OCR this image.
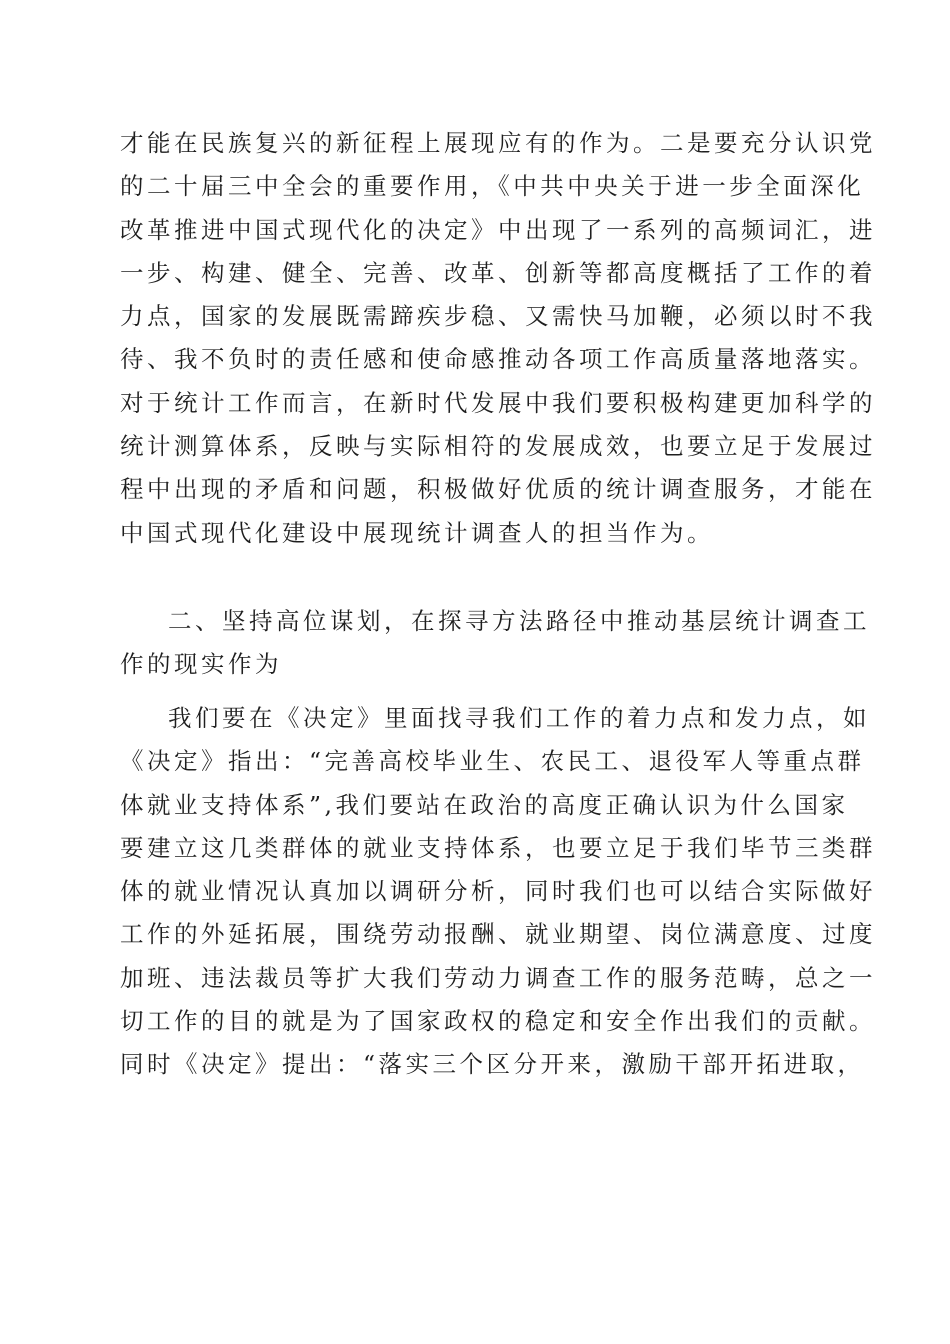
才能在民族复兴的新征程上展现应有的作为。二是要充分认识党
的二十届三中全会的重要作用，《中共中央关于进一步全面深化
改革推进中国式现代化的决定》中出现了一系列的高频词汇，进
一步、构建、健全、完善、改革、创新等都高度概括了工作的着
力点，国家的发展既需蹄疾步稳、又需快马加鞭，必须以时不我
待、我不负时的责任感和使命感推动各项工作高质量落地落实。
对于统计工作而言，在新时代发展中我们要积极构建更加科学的
统计测算体系，反映与实际相符的发展成效，也要立足于发展过
程中出现的矛盾和问题，积极做好优质的统计调查服务，才能在
中国式现代化建设中展现统计调查人的担当作为。
二、坚持高位谋划，在探寻方法路径中推动基层统计调查工
作的现实作为
我们要在《决定》里面找寻我们工作的着力点和发力点，如
《决定》指出：“完善高校毕业生、农民工、退役军人等重点群
体就业支持体系”,我们要站在政治的高度正确认识为什么国家
要建立这几类群体的就业支持体系，也要立足于我们毕节三类群
体的就业情况认真加以调研分析，同时我们也可以结合实际做好
工作的外延拓展，围绕劳动报酬、就业期望、岗位满意度、过度
加班、违法裁员等扩大我们劳动力调查工作的服务范畴，总之一
切工作的目的就是为了国家政权的稳定和安全作出我们的贡献。
同时《决定》提出：“落实三个区分开来，激励干部开拓进取，
